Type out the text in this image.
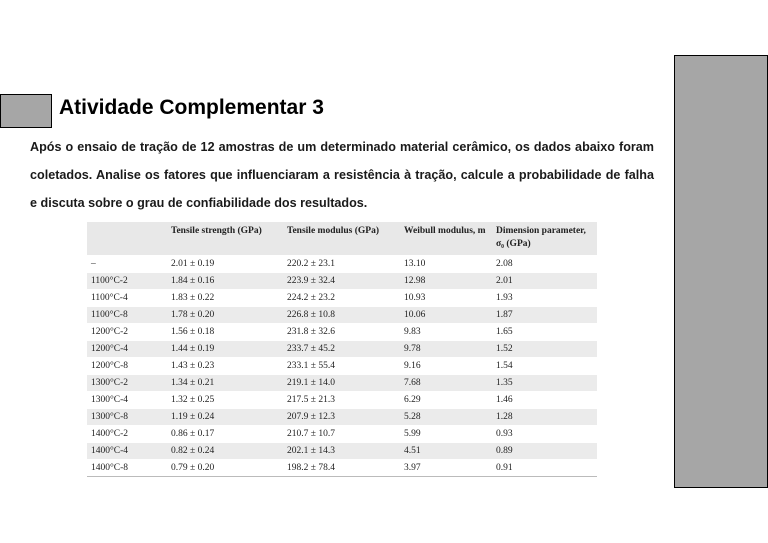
Atividade Complementar 3
Após o ensaio de tração de 12 amostras de um determinado material cerâmico, os dados abaixo foram coletados. Analise os fatores que influenciaram a resistência à tração, calcule a probabilidade de falha e discuta sobre o grau de confiabilidade dos resultados.
	Tensile strength (GPa)	Tensile modulus (GPa)	Weibull modulus, m	Dimension parameter, σ₀ (GPa)
–	2.01 ± 0.19	220.2 ± 23.1	13.10	2.08
1100°C-2	1.84 ± 0.16	223.9 ± 32.4	12.98	2.01
1100°C-4	1.83 ± 0.22	224.2 ± 23.2	10.93	1.93
1100°C-8	1.78 ± 0.20	226.8 ± 10.8	10.06	1.87
1200°C-2	1.56 ± 0.18	231.8 ± 32.6	9.83	1.65
1200°C-4	1.44 ± 0.19	233.7 ± 45.2	9.78	1.52
1200°C-8	1.43 ± 0.23	233.1 ± 55.4	9.16	1.54
1300°C-2	1.34 ± 0.21	219.1 ± 14.0	7.68	1.35
1300°C-4	1.32 ± 0.25	217.5 ± 21.3	6.29	1.46
1300°C-8	1.19 ± 0.24	207.9 ± 12.3	5.28	1.28
1400°C-2	0.86 ± 0.17	210.7 ± 10.7	5.99	0.93
1400°C-4	0.82 ± 0.24	202.1 ± 14.3	4.51	0.89
1400°C-8	0.79 ± 0.20	198.2 ± 78.4	3.97	0.91
